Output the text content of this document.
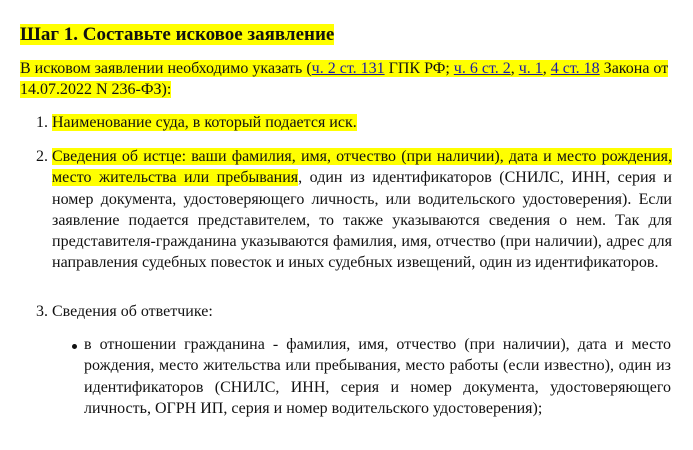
Шаг 1. Составьте исковое заявление
В исковом заявлении необходимо указать (ч. 2 ст. 131 ГПК РФ; ч. 6 ст. 2, ч. 1, 4 ст. 18 Закона от 14.07.2022 N 236-ФЗ):
1. Наименование суда, в который подается иск.
2. Сведения об истце: ваши фамилия, имя, отчество (при наличии), дата и место рождения, место жительства или пребывания, один из идентификаторов (СНИЛС, ИНН, серия и номер документа, удостоверяющего личность, или водительского удостоверения). Если заявление подается представителем, то также указываются сведения о нем. Так для представителя-гражданина указываются фамилия, имя, отчество (при наличии), адрес для направления судебных повесток и иных судебных извещений, один из идентификаторов.
3. Сведения об ответчике:
в отношении гражданина - фамилия, имя, отчество (при наличии), дата и место рождения, место жительства или пребывания, место работы (если известно), один из идентификаторов (СНИЛС, ИНН, серия и номер документа, удостоверяющего личность, ОГРН ИП, серия и номер водительского удостоверения);
